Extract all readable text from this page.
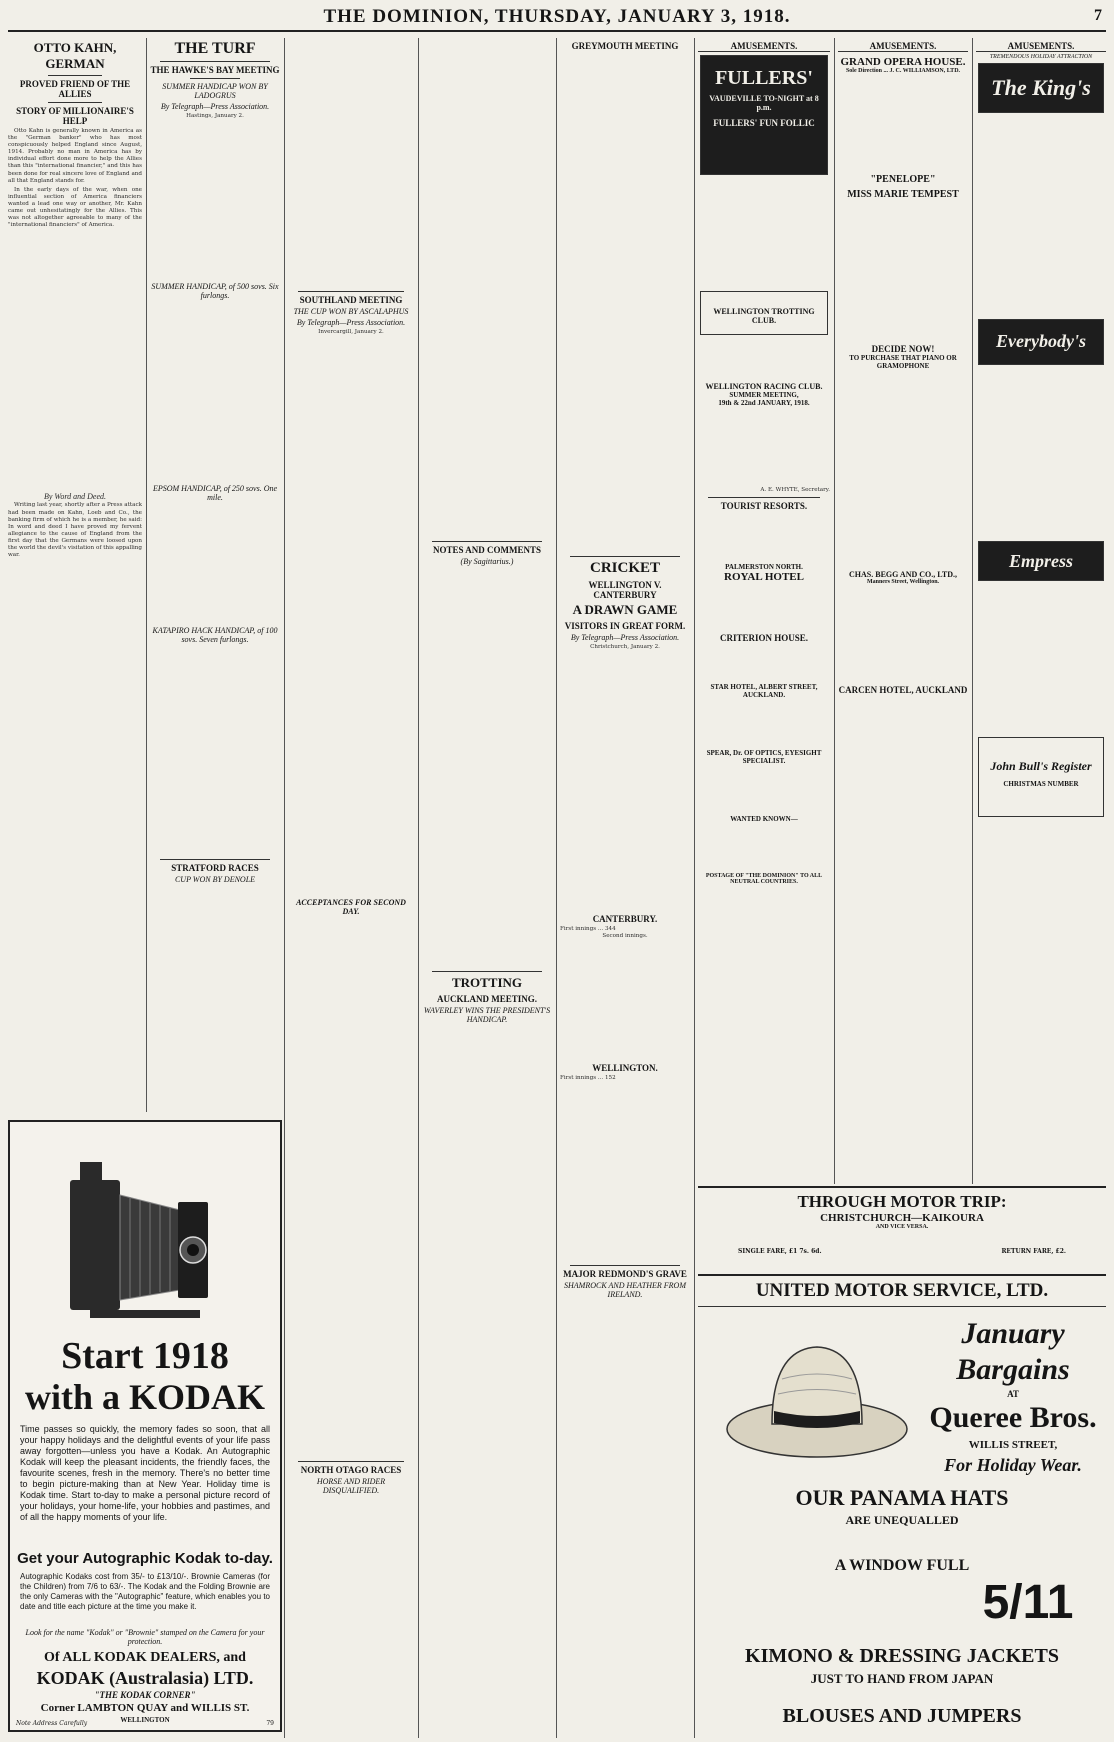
THE DOMINION, THURSDAY, JANUARY 3, 1918.	7
OTTO KAHN, GERMAN
PROVED FRIEND OF THE ALLIES
STORY OF MILLIONAIRE'S HELP

Otto Kahn is generally known in America as the "German banker" who has most conspicuously helped England since August, 1914. Probably no man in America has by individual effort done more to help the Allies than this "international financier," and this has been done for real sincere love of England and all that England stands for.

In the early days of the war, when one influential section of America financiers wanted a lead one way or another, Mr. Kahn came out unhesitatingly for the Allies. This was not altogether agreeable to many of the "international financiers" of America.

By Word and Deed.

Writing last year, shortly after a Press attack had been made on Kahn, Loeb and Co., the banking firm of which he is a member, he said: In word and deed I have proved my fervent allegiance to the cause of England from the first day that the Germans were loosed upon the world the devil's visitation of this appalling war.

THE TURF
THE HAWKE'S BAY MEETING
SUMMER HANDICAP WON BY LADOGRUS
By Telegraph—Press Association.
Hastings, January 2.
SUMMER HANDICAP, of 500 sovs. Six furlongs.
EPSOM HANDICAP, of 250 sovs. One mile.
KATAPIRO HACK HANDICAP, of 100 sovs. Seven furlongs.
STRATFORD RACES
CUP WON BY DENOLE
Start 1918
with a KODAK
Time passes so quickly, the memory fades so soon, that all your happy holidays and the delightful events of your life pass away forgotten—unless you have a Kodak. An Autographic Kodak will keep the pleasant incidents, the friendly faces, the favourite scenes, fresh in the memory. There's no better time to begin picture-making than at New Year. Holiday time is Kodak time. Start to-day to make a personal picture record of your holidays, your home-life, your hobbies and pastimes, and of all the happy moments of your life.
Get your Autographic Kodak to-day.
Autographic Kodaks cost from 35/- to £13/10/-. Brownie Cameras (for the Children) from 7/6 to 63/-. The Kodak and the Folding Brownie are the only Cameras with the "Autographic" feature, which enables you to date and title each picture at the time you make it.
Look for the name "Kodak" or "Brownie" stamped on the Camera for your protection.
Of ALL KODAK DEALERS, and
KODAK (Australasia) LTD.
"THE KODAK CORNER"
Corner LAMBTON QUAY and WILLIS ST.
WELLINGTON
Note Address Carefully	79
SOUTHLAND MEETING
THE CUP WON BY ASCALAPHUS
By Telegraph—Press Association.
Invercargill, January 2.
ACCEPTANCES FOR SECOND DAY.
NORTH OTAGO RACES
HORSE AND RIDER DISQUALIFIED.
NOTES AND COMMENTS
(By Sagittarius.)
TROTTING
AUCKLAND MEETING.
WAVERLEY WINS THE PRESIDENT'S HANDICAP.
GREYMOUTH MEETING
CRICKET
WELLINGTON V. CANTERBURY
A DRAWN GAME
VISITORS IN GREAT FORM.
By Telegraph—Press Association.
Christchurch, January 2.
CANTERBURY.
First innings ... 344
Second innings.
WELLINGTON.
First innings ... 152
MAJOR REDMOND'S GRAVE
SHAMROCK AND HEATHER FROM IRELAND.
AMUSEMENTS.
FULLERS'
VAUDEVILLE TO-NIGHT at 8 p.m.
FULLERS' FUN FOLLIC
WELLINGTON TROTTING CLUB.
WELLINGTON RACING CLUB.
SUMMER MEETING,
19th & 22nd JANUARY, 1918.
A. E. WHYTE, Secretary.
TOURIST RESORTS.
PALMERSTON NORTH.
ROYAL HOTEL
CRITERION HOUSE.
STAR HOTEL, ALBERT STREET, AUCKLAND.
SPEAR, Dr. OF OPTICS, EYESIGHT SPECIALIST.
WANTED KNOWN—
POSTAGE OF "THE DOMINION" TO ALL NEUTRAL COUNTRIES.
AMUSEMENTS.
GRAND OPERA HOUSE.
Sole Direction ... J. C. WILLIAMSON, LTD.
"PENELOPE"
MISS MARIE TEMPEST
DECIDE NOW!
TO PURCHASE THAT PIANO OR GRAMOPHONE
CHAS. BEGG AND CO., LTD.,
Manners Street, Wellington.
CARCEN HOTEL, AUCKLAND
AMUSEMENTS.
TREMENDOUS HOLIDAY ATTRACTION
The King's
Everybody's
Empress
John Bull's Register
CHRISTMAS NUMBER
THROUGH MOTOR TRIP:
CHRISTCHURCH—KAIKOURA
AND VICE VERSA.
SINGLE FARE, £1 7s. 6d.	RETURN FARE, £2.
UNITED MOTOR SERVICE, LTD.
January
Bargains
AT
Queree Bros.
WILLIS STREET,
For Holiday Wear.
OUR PANAMA HATS
ARE UNEQUALLED
A WINDOW FULL
5/11
KIMONO & DRESSING JACKETS
JUST TO HAND FROM JAPAN
BLOUSES AND JUMPERS
